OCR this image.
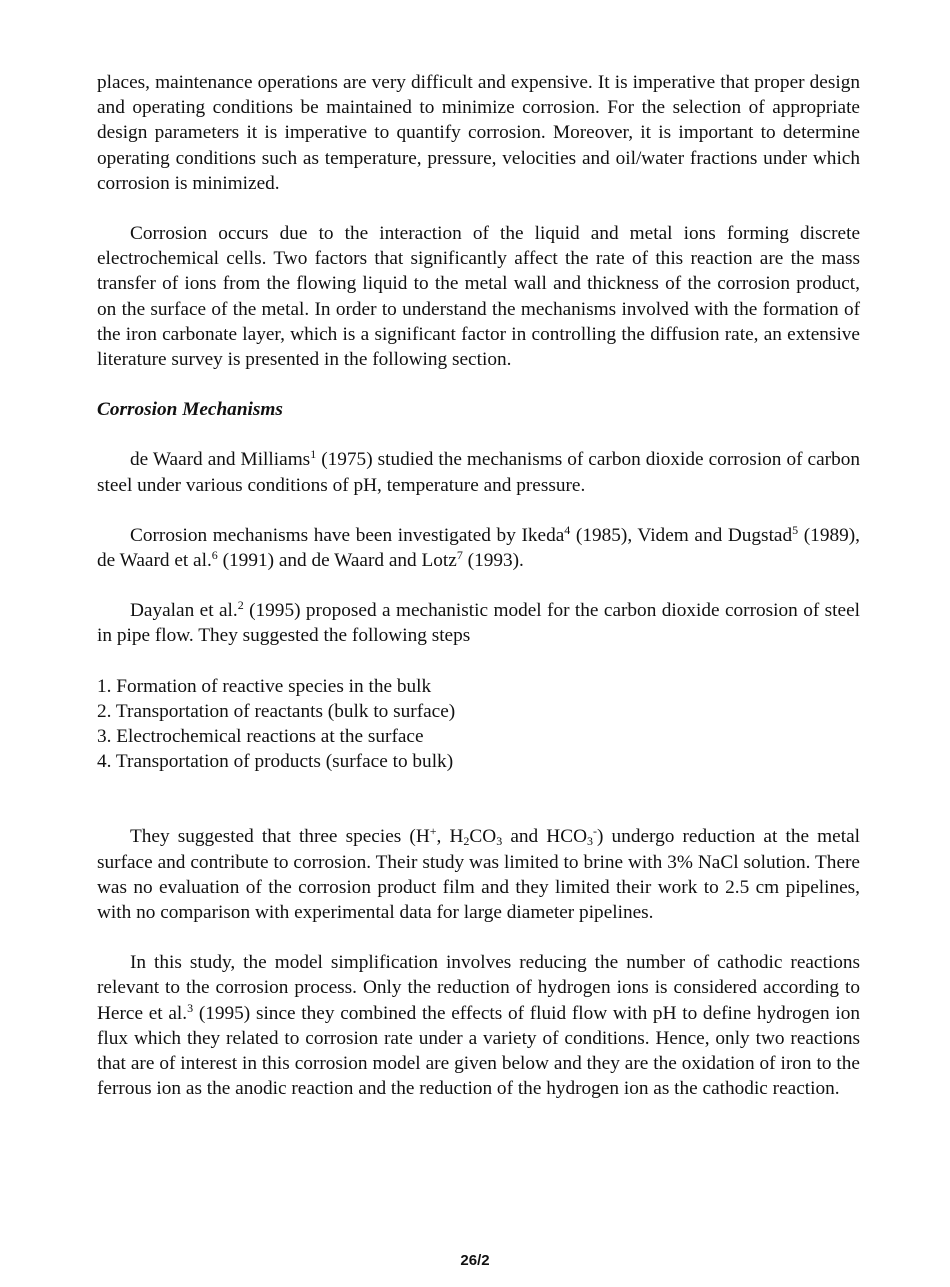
places, maintenance operations are very difficult and expensive. It is imperative that proper design and operating conditions be maintained to minimize corrosion. For the selection of appropriate design parameters it is imperative to quantify corrosion. Moreover, it is important to determine operating conditions such as temperature, pressure, velocities and oil/water fractions under which corrosion is minimized.

Corrosion occurs due to the interaction of the liquid and metal ions forming discrete electrochemical cells. Two factors that significantly affect the rate of this reaction are the mass transfer of ions from the flowing liquid to the metal wall and thickness of the corrosion product, on the surface of the metal. In order to understand the mechanisms involved with the formation of the iron carbonate layer, which is a significant factor in controlling the diffusion rate, an extensive literature survey is presented in the following section.

Corrosion Mechanisms

de Waard and Milliams$^1$ (1975) studied the mechanisms of carbon dioxide corrosion of carbon steel under various conditions of pH, temperature and pressure.

Corrosion mechanisms have been investigated by Ikeda$^4$ (1985), Videm and Dugstad$^5$ (1989), de Waard et al.$^6$ (1991) and de Waard and Lotz$^7$ (1993).

Dayalan et al.$^2$ (1995) proposed a mechanistic model for the carbon dioxide corrosion of steel in pipe flow. They suggested the following steps

1. Formation of reactive species in the bulk
2. Transportation of reactants (bulk to surface)
3. Electrochemical reactions at the surface
4. Transportation of products (surface to bulk)

They suggested that three species (H+, $H_2CO_3$ and $HCO_3^-$) undergo reduction at the metal surface and contribute to corrosion. Their study was limited to brine with 3% NaCl solution. There was no evaluation of the corrosion product film and they limited their work to 2.5 cm pipelines, with no comparison with experimental data for large diameter pipelines.

In this study, the model simplification involves reducing the number of cathodic reactions relevant to the corrosion process. Only the reduction of hydrogen ions is considered according to Herce et al.$^3$ (1995) since they combined the effects of fluid flow with pH to define hydrogen ion flux which they related to corrosion rate under a variety of conditions. Hence, only two reactions that are of interest in this corrosion model are given below and they are the oxidation of iron to the ferrous ion as the anodic reaction and the reduction of the hydrogen ion as the cathodic reaction.

26/2
